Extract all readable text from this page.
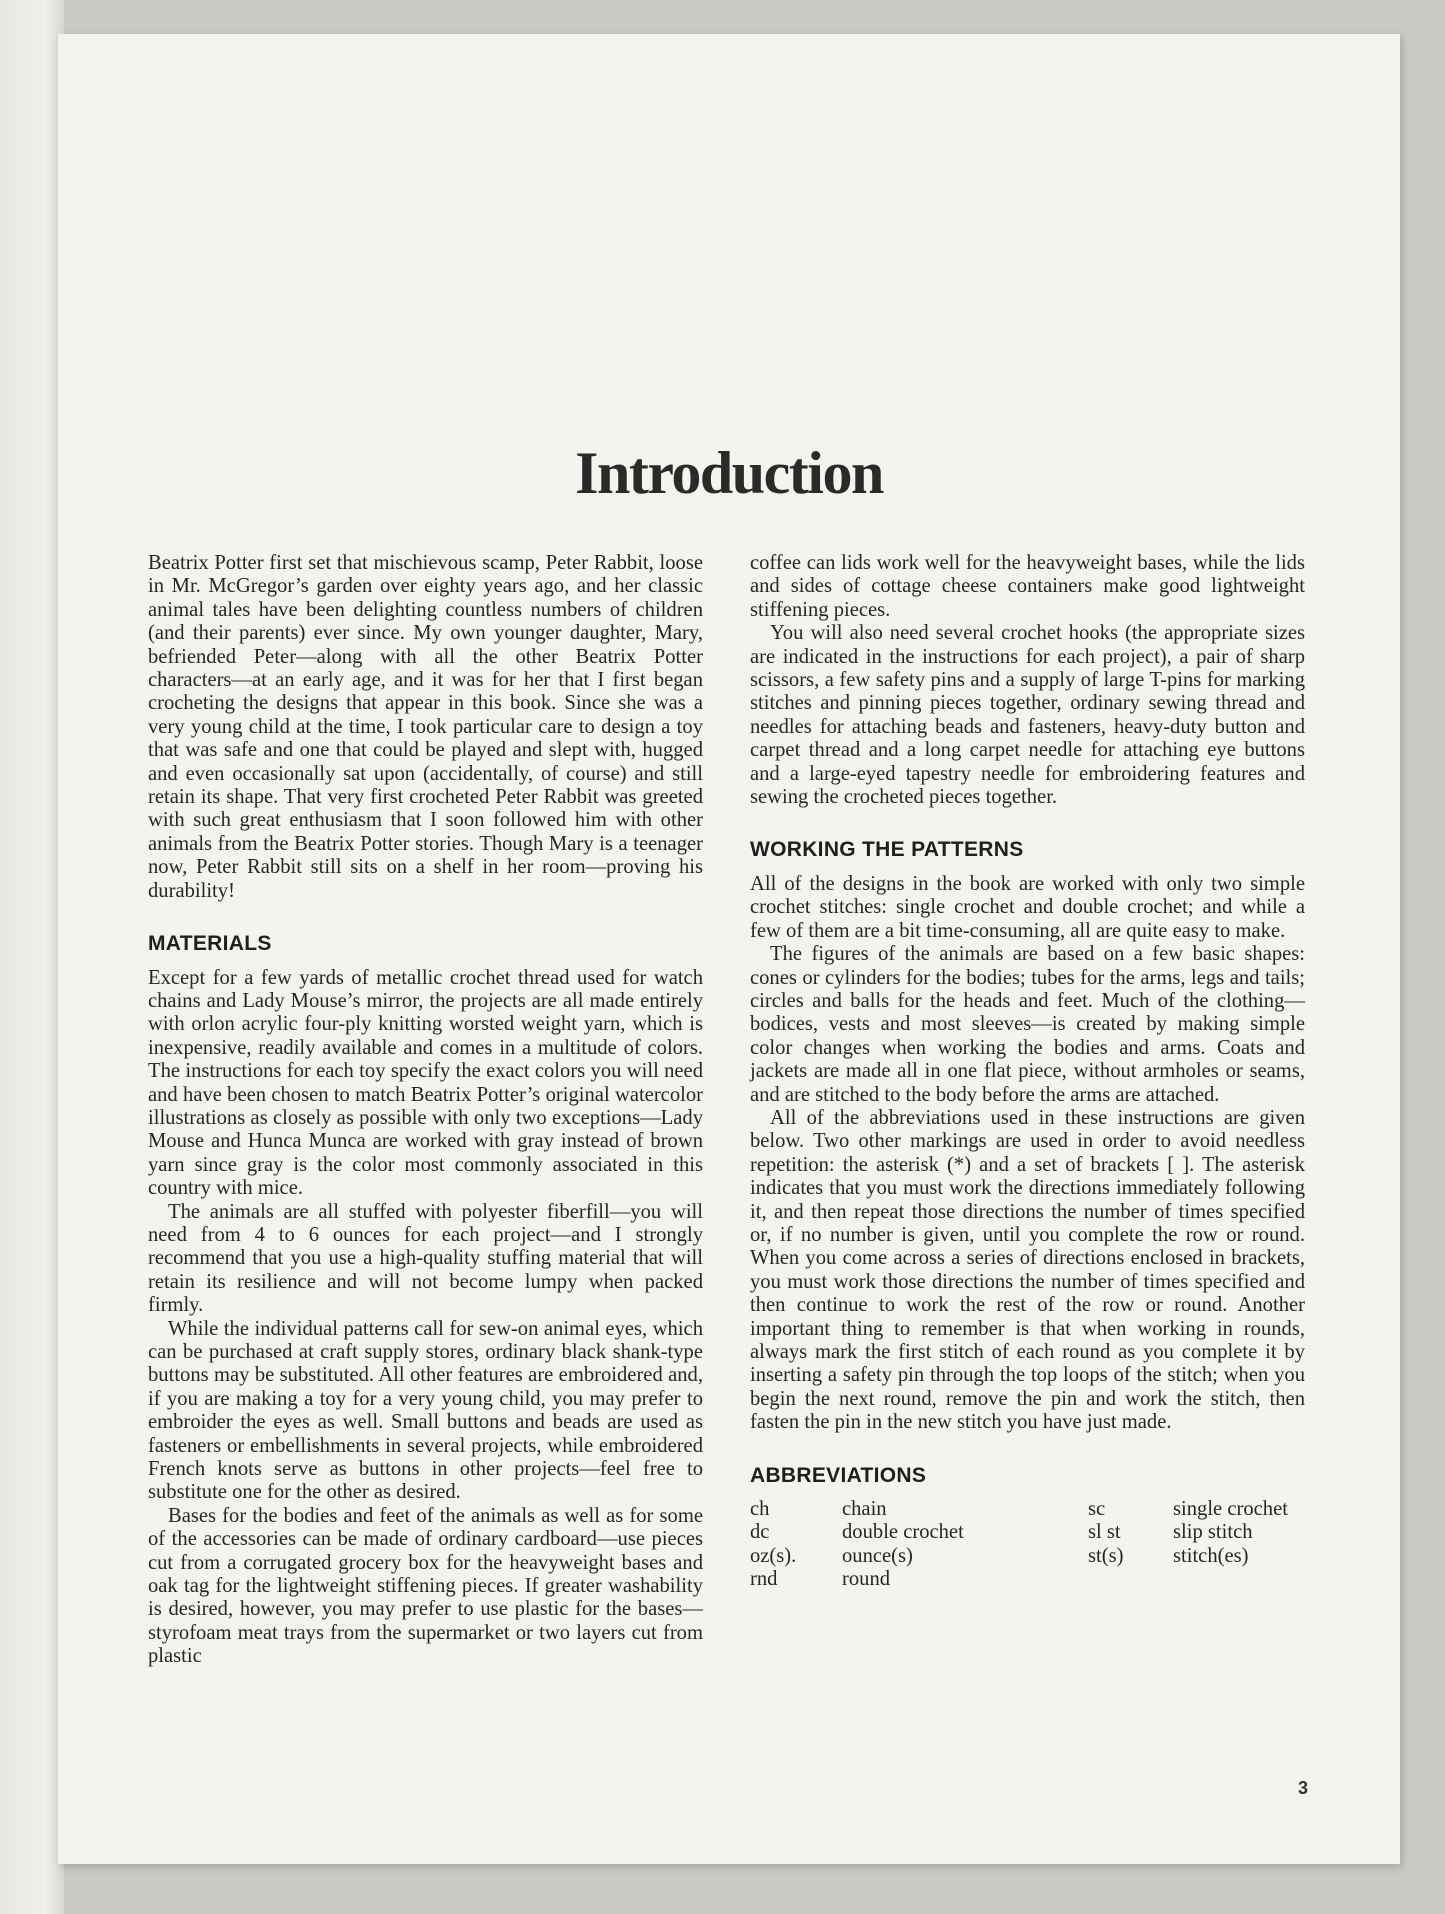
Introduction

Beatrix Potter first set that mischievous scamp, Peter Rabbit, loose in Mr. McGregor’s garden over eighty years ago, and her classic animal tales have been delighting countless numbers of children (and their parents) ever since. My own younger daughter, Mary, befriended Peter—along with all the other Beatrix Potter characters—at an early age, and it was for her that I first began crocheting the designs that appear in this book. Since she was a very young child at the time, I took particular care to design a toy that was safe and one that could be played and slept with, hugged and even occasionally sat upon (accidentally, of course) and still retain its shape. That very first crocheted Peter Rabbit was greeted with such great enthusiasm that I soon followed him with other animals from the Beatrix Potter stories. Though Mary is a teenager now, Peter Rabbit still sits on a shelf in her room—proving his durability!

MATERIALS

Except for a few yards of metallic crochet thread used for watch chains and Lady Mouse’s mirror, the projects are all made entirely with orlon acrylic four-ply knitting worsted weight yarn, which is inexpensive, readily available and comes in a multitude of colors. The instructions for each toy specify the exact colors you will need and have been chosen to match Beatrix Potter’s original watercolor illustrations as closely as possible with only two exceptions—Lady Mouse and Hunca Munca are worked with gray instead of brown yarn since gray is the color most commonly associated in this country with mice.

The animals are all stuffed with polyester fiberfill—you will need from 4 to 6 ounces for each project—and I strongly recommend that you use a high-quality stuffing material that will retain its resilience and will not become lumpy when packed firmly.

While the individual patterns call for sew-on animal eyes, which can be purchased at craft supply stores, ordinary black shank-type buttons may be substituted. All other features are embroidered and, if you are making a toy for a very young child, you may prefer to embroider the eyes as well. Small buttons and beads are used as fasteners or embellishments in several projects, while embroidered French knots serve as buttons in other projects—feel free to substitute one for the other as desired.

Bases for the bodies and feet of the animals as well as for some of the accessories can be made of ordinary cardboard—use pieces cut from a corrugated grocery box for the heavyweight bases and oak tag for the lightweight stiffening pieces. If greater washability is desired, however, you may prefer to use plastic for the bases—styrofoam meat trays from the supermarket or two layers cut from plastic

coffee can lids work well for the heavyweight bases, while the lids and sides of cottage cheese containers make good lightweight stiffening pieces.

You will also need several crochet hooks (the appropriate sizes are indicated in the instructions for each project), a pair of sharp scissors, a few safety pins and a supply of large T-pins for marking stitches and pinning pieces together, ordinary sewing thread and needles for attaching beads and fasteners, heavy-duty button and carpet thread and a long carpet needle for attaching eye buttons and a large-eyed tapestry needle for embroidering features and sewing the crocheted pieces together.

WORKING THE PATTERNS

All of the designs in the book are worked with only two simple crochet stitches: single crochet and double crochet; and while a few of them are a bit time-consuming, all are quite easy to make.

The figures of the animals are based on a few basic shapes: cones or cylinders for the bodies; tubes for the arms, legs and tails; circles and balls for the heads and feet. Much of the clothing—bodices, vests and most sleeves—is created by making simple color changes when working the bodies and arms. Coats and jackets are made all in one flat piece, without armholes or seams, and are stitched to the body before the arms are attached.

All of the abbreviations used in these instructions are given below. Two other markings are used in order to avoid needless repetition: the asterisk (*) and a set of brackets [ ]. The asterisk indicates that you must work the directions immediately following it, and then repeat those directions the number of times specified or, if no number is given, until you complete the row or round. When you come across a series of directions enclosed in brackets, you must work those directions the number of times specified and then continue to work the rest of the row or round. Another important thing to remember is that when working in rounds, always mark the first stitch of each round as you complete it by inserting a safety pin through the top loops of the stitch; when you begin the next round, remove the pin and work the stitch, then fasten the pin in the new stitch you have just made.

ABBREVIATIONS
ch	chain	sc	single crochet
dc	double crochet	sl st	slip stitch
oz(s).	ounce(s)	st(s)	stitch(es)
rnd	round		
3
